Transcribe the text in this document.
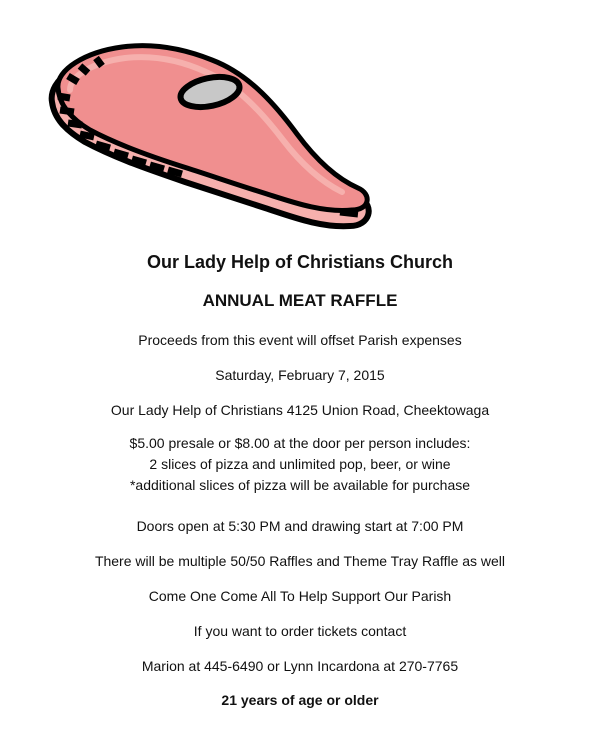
Our Lady Help of Christians Church

ANNUAL MEAT RAFFLE

Proceeds from this event will offset Parish expenses

Saturday, February 7, 2015

Our Lady Help of Christians 4125 Union Road, Cheektowaga

$5.00 presale or $8.00 at the door per person includes:

2 slices of pizza and unlimited pop, beer, or wine

*additional slices of pizza will be available for purchase

Doors open at 5:30 PM and drawing start at 7:00 PM

There will be multiple 50/50 Raffles and Theme Tray Raffle as well

Come One Come All To Help Support Our Parish

If you want to order tickets contact

Marion at 445-6490 or Lynn Incardona at 270-7765

21 years of age or older
